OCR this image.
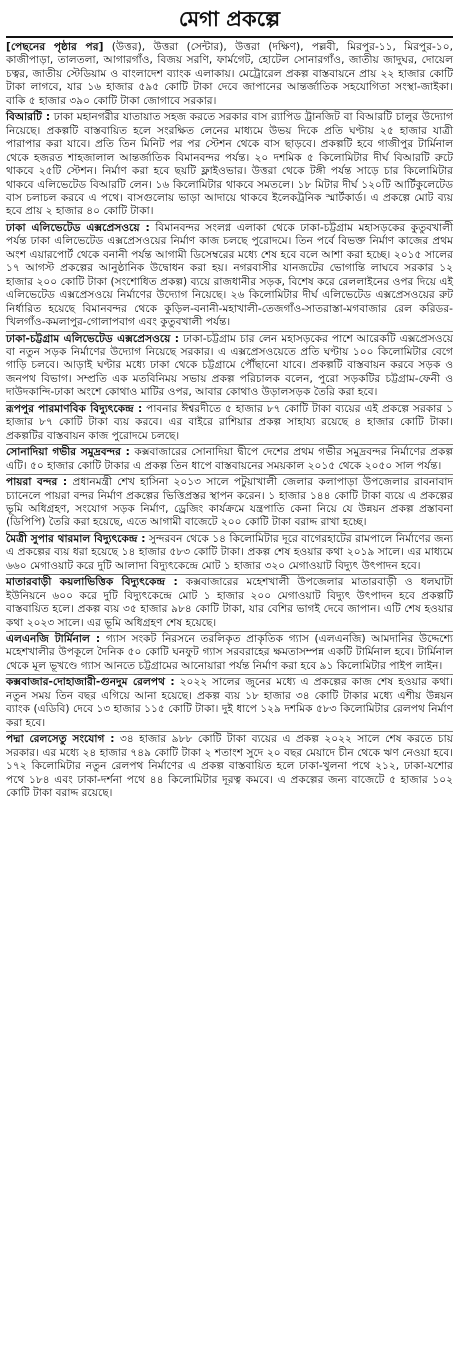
মেগা প্রকল্পে

[পেছনের পৃষ্ঠার পর] (উত্তর), উত্তরা (সেন্টার), উত্তরা (দক্ষিণ), পল্লবী, মিরপুর-১১, মিরপুর-১০, কাজীপাড়া, তালতলা, আগারগাঁও, বিজয় সরণি, ফার্মগেট, হোটেল সোনারগাঁও, জাতীয় জাদুঘর, দোয়েল চত্বর, জাতীয় স্টেডিয়াম ও বাংলাদেশ ব্যাংক এলাকায়। মেট্রোরেল প্রকল্প বাস্তবায়নে প্রায় ২২ হাজার কোটি টাকা লাগবে, যার ১৬ হাজার ৫৯৫ কোটি টাকা দেবে জাপানের আন্তর্জাতিক সহযোগিতা সংস্থা-জাইকা। বাকি ৫ হাজার ৩৯০ কোটি টাকা জোগাবে সরকার।

বিআরটি : ঢাকা মহানগরীর যাতায়াত সহজ করতে সরকার বাস র‌্যাপিড ট্রানজিট বা বিআরটি চালুর উদ্যোগ নিয়েছে। প্রকল্পটি বাস্তবায়িত হলে সংরক্ষিত লেনের মাধ্যমে উভয় দিকে প্রতি ঘণ্টায় ২৫ হাজার যাত্রী পারাপার করা যাবে। প্রতি তিন মিনিট পর পর স্টেশন থেকে বাস ছাড়বে। প্রকল্পটি হবে গাজীপুর টার্মিনাল থেকে হজরত শাহজালাল আন্তর্জাতিক বিমানবন্দর পর্যন্ত। ২০ দশমিক ৫ কিলোমিটার দীর্ঘ বিআরটি রুটে থাকবে ২৫টি স্টেশন। নির্মাণ করা হবে ছয়টি ফ্লাইওভার। উত্তরা থেকে টঙ্গী পর্যন্ত সাড়ে চার কিলোমিটার থাকবে এলিভেটেড বিআরটি লেন। ১৬ কিলোমিটার থাকবে সমতলে। ১৮ মিটার দীর্ঘ ১২০টি আর্টিকুলেটেড বাস চলাচল করবে এ পথে। বাসগুলোয় ভাড়া আদায়ে থাকবে ইলেকট্রনিক স্মার্টকার্ড। এ প্রকল্পে মোট ব্যয় হবে প্রায় ২ হাজার ৪০ কোটি টাকা।

ঢাকা এলিভেটেড এক্সপ্রেসওয়ে : বিমানবন্দর সংলগ্ন এলাকা থেকে ঢাকা-চট্টগ্রাম মহাসড়কের কুতুবখালী পর্যন্ত ঢাকা এলিভেটেড এক্সপ্রেসওয়ের নির্মাণ কাজ চলছে পুরোদমে। তিন পর্বে বিভক্ত নির্মাণ কাজের প্রথম অংশ এয়ারপোর্ট থেকে বনানী পর্যন্ত আগামী ডিসেম্বরের মধ্যে শেষ হবে বলে আশা করা হচ্ছে। ২০১৫ সালের ১৭ আগস্ট প্রকল্পের আনুষ্ঠানিক উদ্বোধন করা হয়। নগরবাসীর যানজটের ভোগান্তি লাঘবে সরকার ১২ হাজার ২০০ কোটি টাকা (সংশোধিত প্রকল্প) ব্যয়ে রাজধানীর সড়ক, বিশেষ করে রেললাইনের ওপর দিয়ে এই এলিভেটেড এক্সপ্রেসওয়ে নির্মাণের উদ্যোগ নিয়েছে। ২৬ কিলোমিটার দীর্ঘ এলিভেটেড এক্সপ্রেসওয়ের রুট নির্ধারিত হয়েছে বিমানবন্দর থেকে কুড়িল-বনানী-মহাখালী-তেজগাঁও-সাতরাস্তা-মগবাজার রেল করিডর-খিলগাঁও-কমলাপুর-গোলাপবাগ এবং কুতুবখালী পর্যন্ত।

ঢাকা-চট্টগ্রাম এলিভেটেড এক্সপ্রেসওয়ে : ঢাকা-চট্টগ্রাম চার লেন মহাসড়কের পাশে আরেকটি এক্সপ্রেসওয়ে বা নতুন সড়ক নির্মাণের উদ্যোগ নিয়েছে সরকার। এ এক্সপ্রেসওয়েতে প্রতি ঘণ্টায় ১০০ কিলোমিটার বেগে গাড়ি চলবে। আড়াই ঘণ্টার মধ্যে ঢাকা থেকে চট্টগ্রামে পৌঁছানো যাবে। প্রকল্পটি বাস্তবায়ন করবে সড়ক ও জনপথ বিভাগ। সম্প্রতি এক মতবিনিময় সভায় প্রকল্প পরিচালক বলেন, পুরো সড়কটির চট্টগ্রাম-ফেনী ও দাউদকান্দি-ঢাকা অংশে কোথাও মাটির ওপর, আবার কোথাও উড়ালসড়ক তৈরি করা হবে।

রূপপুর পারমাণবিক বিদ্যুৎকেন্দ্র : পাবনার ঈশ্বরদীতে ৫ হাজার ৮৭ কোটি টাকা ব্যয়ের এই প্রকল্পে সরকার ১ হাজার ৮৭ কোটি টাকা ব্যয় করবে। এর বাইরে রাশিয়ার প্রকল্প সাহায্য রয়েছে ৪ হাজার কোটি টাকা। প্রকল্পটির বাস্তবায়ন কাজ পুরোদমে চলছে।

সোনাদিয়া গভীর সমুদ্রবন্দর : কক্সবাজারের সোনাদিয়া দ্বীপে দেশের প্রথম গভীর সমুদ্রবন্দর নির্মাণের প্রকল্প এটি। ৫০ হাজার কোটি টাকার এ প্রকল্প তিন ধাপে বাস্তবায়নের সময়কাল ২০১৫ থেকে ২০৫০ সাল পর্যন্ত।

পায়রা বন্দর : প্রধানমন্ত্রী শেখ হাসিনা ২০১৩ সালে পটুয়াখালী জেলার কলাপাড়া উপজেলার রাবনাবাদ চ্যানেলে পায়রা বন্দর নির্মাণ প্রকল্পের ভিত্তিপ্রস্তর স্থাপন করেন। ১ হাজার ১৪৪ কোটি টাকা ব্যয়ে এ প্রকল্পের ভূমি অধিগ্রহণ, সংযোগ সড়ক নির্মাণ, ড্রেজিং কার্যক্রমে যন্ত্রপাতি কেনা নিয়ে যে উন্নয়ন প্রকল্প প্রস্তাবনা (ডিপিপি) তৈরি করা হয়েছে, এতে আগামী বাজেটে ২০০ কোটি টাকা বরাদ্দ রাখা হচ্ছে।

মৈত্রী সুপার থারমাল বিদ্যুৎকেন্দ্র : সুন্দরবন থেকে ১৪ কিলোমিটার দূরে বাগেরহাটের রামপালে নির্মাণের জন্য এ প্রকল্পের ব্যয় ধরা হয়েছে ১৪ হাজার ৫৮৩ কোটি টাকা। প্রকল্প শেষ হওয়ার কথা ২০১৯ সালে। এর মাধ্যমে ৬৬০ মেগাওয়াট করে দুটি আলাদা বিদ্যুৎকেন্দ্রে মোট ১ হাজার ৩২০ মেগাওয়াট বিদ্যুৎ উৎপাদন হবে।

মাতারবাড়ী কয়লাভিত্তিক বিদ্যুৎকেন্দ্র : কক্সবাজারের মহেশখালী উপজেলার মাতারবাড়ী ও ধলঘাটা ইউনিয়নে ৬০০ করে দুটি বিদ্যুৎকেন্দ্রে মোট ১ হাজার ২০০ মেগাওয়াট বিদ্যুৎ উৎপাদন হবে প্রকল্পটি বাস্তবায়িত হলে। প্রকল্প ব্যয় ৩৫ হাজার ৯৮৪ কোটি টাকা, যার বেশির ভাগই দেবে জাপান। এটি শেষ হওয়ার কথা ২০২৩ সালে। এর ভূমি অধিগ্রহণ শেষ হয়েছে।

এলএনজি টার্মিনাল : গ্যাস সংকট নিরসনে তরলিকৃত প্রাকৃতিক গ্যাস (এলএনজি) আমদানির উদ্দেশ্যে মহেশখালীর উপকূলে দৈনিক ৫০ কোটি ঘনফুট গ্যাস সরবরাহের ক্ষমতাসম্পন্ন একটি টার্মিনাল হবে। টার্মিনাল থেকে মূল ভূখণ্ডে গ্যাস আনতে চট্টগ্রামের আনোয়ারা পর্যন্ত নির্মাণ করা হবে ৯১ কিলোমিটার পাইপ লাইন।

কক্সবাজার-দোহাজারী-গুনদুম রেলপথ : ২০২২ সালের জুনের মধ্যে এ প্রকল্পের কাজ শেষ হওয়ার কথা। নতুন সময় তিন বছর এগিয়ে আনা হয়েছে। প্রকল্প ব্যয় ১৮ হাজার ৩৪ কোটি টাকার মধ্যে এশীয় উন্নয়ন ব্যাংক (এডিবি) দেবে ১৩ হাজার ১১৫ কোটি টাকা। দুই ধাপে ১২৯ দশমিক ৫৮৩ কিলোমিটার রেলপথ নির্মাণ করা হবে।

পদ্মা রেলসেতু সংযোগ : ৩৪ হাজার ৯৮৮ কোটি টাকা ব্যয়ের এ প্রকল্প ২০২২ সালে শেষ করতে চায় সরকার। এর মধ্যে ২৪ হাজার ৭৪৯ কোটি টাকা ২ শতাংশ সুদে ২০ বছর মেয়াদে চীন থেকে ঋণ নেওয়া হবে। ১৭২ কিলোমিটার নতুন রেলপথ নির্মাণের এ প্রকল্প বাস্তবায়িত হলে ঢাকা-খুলনা পথে ২১২, ঢাকা-যশোর পথে ১৮৪ এবং ঢাকা-দর্শনা পথে ৪৪ কিলোমিটার দূরত্ব কমবে। এ প্রকল্পের জন্য বাজেটে ৫ হাজার ১০২ কোটি টাকা বরাদ্দ রয়েছে।
